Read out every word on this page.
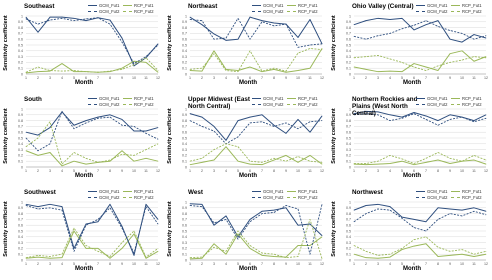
0
0.1
0.2
0.3
0.4
0.5
0.6
0.7
0.8
0.9
1
1	2	3	4	5	6	7	8	9	10 11 12
Southeast
Sensitivity coefficient
Month
GCM_Fut1	RCP_Fut1
GCM_Fut2	RCP_Fut2
0
0.1
0.2
0.3
0.4
0.5
0.6
0.7
0.8
0.9
1
1	2	3	4	5	6	7	8	9	10 11 12
Northeast
Sensitivity coefficient
Month
GCM_Fut1	RCP_Fut1
GCM_Fut2	RCP_Fut2
0
0.1
0.2
0.3
0.4
0.5
0.6
0.7
0.8
0.9
1
1	2	3	4	5	6	7	8	9	10 11 12
Ohio Valley (Central)
Sensitivity coefficient
Month
GCM_Fut1	RCP_Fut1
GCM_Fut2	RCP_Fut2
0
0.1
0.2
0.3
0.4
0.5
0.6
0.7
0.8
0.9
1
1	2	3	4	5	6	7	8	9	10 11 12
South
Sensitivity coefficient
Month
GCM_Fut1	RCP_Fut1
GCM_Fut2	RCP_Fut2
0
0.1
0.2
0.3
0.4
0.5
0.6
0.7
0.8
0.9
1
1	2	3	4	5	6	7	8	9	10 11 12
Upper Midwest (East North Central)
Sensitivity coefficient
Month
GCM_Fut1	RCP_Fut1
GCM_Fut2	RCP_Fut2
0
0.1
0.2
0.3
0.4
0.5
0.6
0.7
0.8
0.9
1
1	2	3	4	5	6	7	8	9	10 11 12
Northern Rockies and Plains (West North Central)
Sensitivity coefficient
Month
GCM_Fut1	RCP_Fut1
GCM_Fut2	RCP_Fut2
0
0.1
0.2
0.3
0.4
0.5
0.6
0.7
0.8
0.9
1
1	2	3	4	5	6	7	8	9	10 11 12
Southwest
Sensitivity coefficient
Month
GCM_Fut1	RCP_Fut1
GCM_Fut2	RCP_Fut2
0
0.1
0.2
0.3
0.4
0.5
0.6
0.7
0.8
0.9
1
1	2	3	4	5	6	7	8	9	10 11 12
West
Sensitivity coefficient
Month
GCM_Fut1	RCP_Fut1
GCM_Fut2	RCP_Fut2
0
0.1
0.2
0.3
0.4
0.5
0.6
0.7
0.8
0.9
1
1	2	3	4	5	6	7	8	9	10 11 12
Northwest
Sensitivity coefficient
Month
GCM_Fut1	RCP_Fut1
GCM_Fut2	RCP_Fut2
